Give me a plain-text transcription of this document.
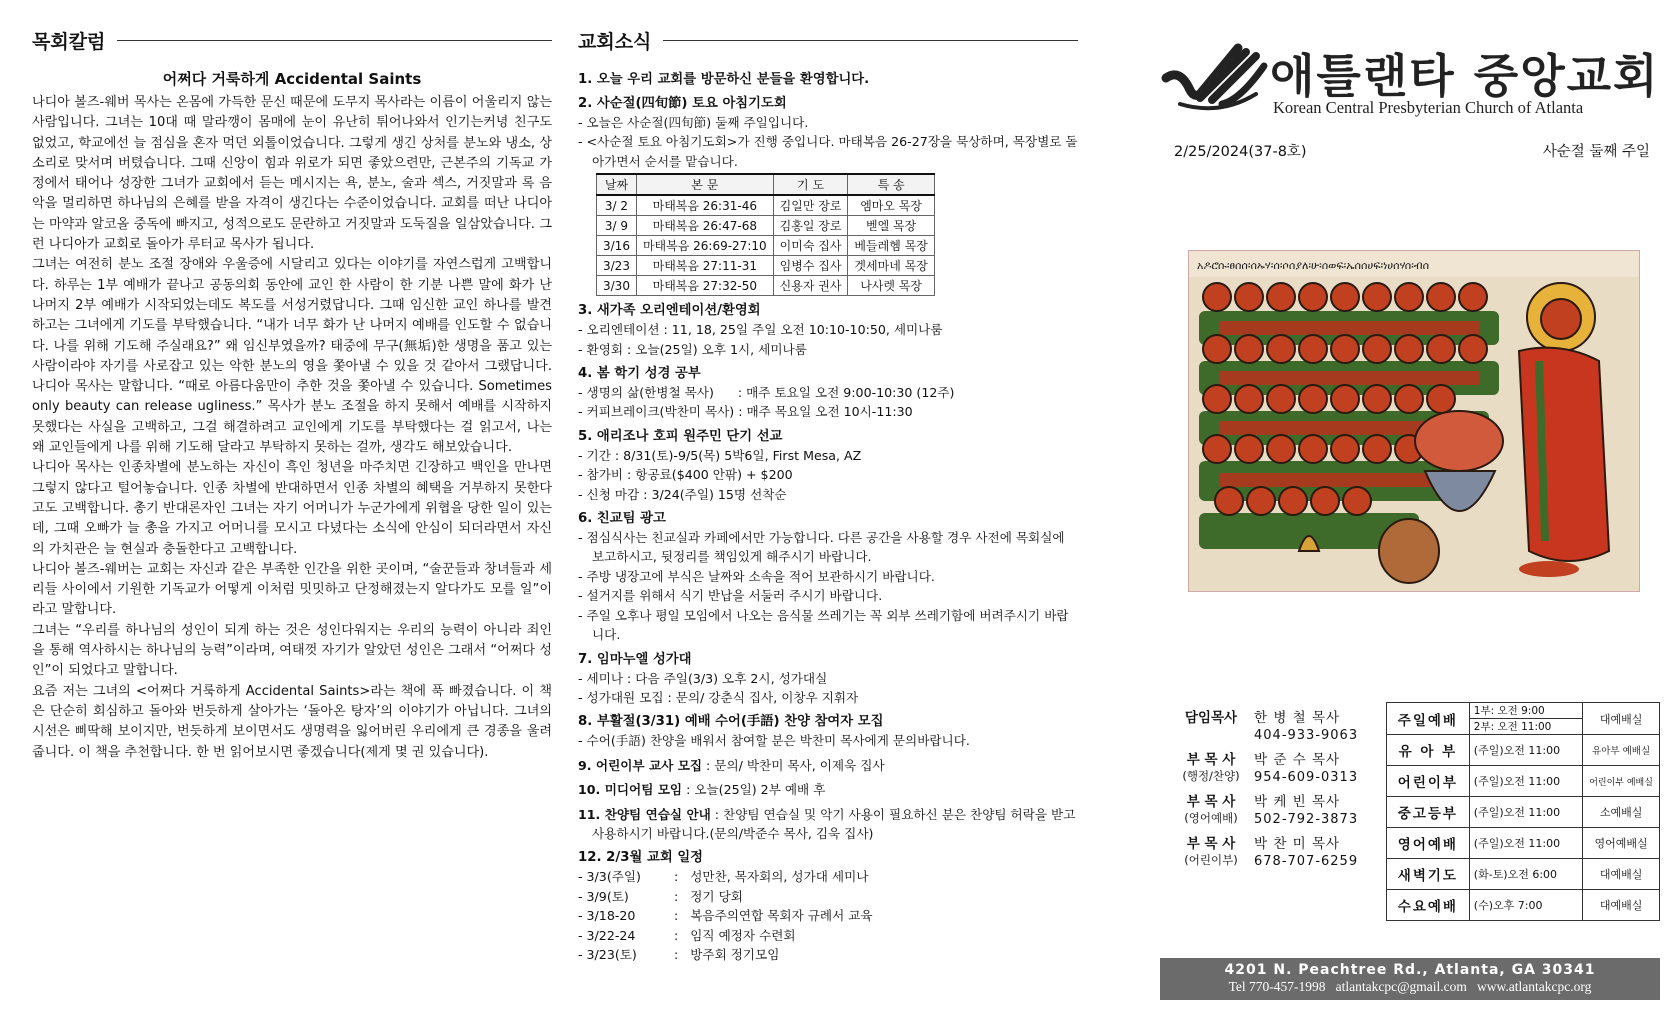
목회칼럼
어쩌다 거룩하게 Accidental Saints

나디아 볼즈-웨버 목사는 온몸에 가득한 문신 때문에 도무지 목사라는 이름이 어울리지 않는 사람입니다. 그녀는 10대 때 말라깽이 몸매에 눈이 유난히 튀어나와서 인기는커녕 친구도 없었고, 학교에선 늘 점심을 혼자 먹던 외톨이었습니다. 그렇게 생긴 상처를 분노와 냉소, 상소리로 맞서며 버텼습니다. 그때 신앙이 힘과 위로가 되면 좋았으련만, 근본주의 기독교 가정에서 태어나 성장한 그녀가 교회에서 듣는 메시지는 욕, 분노, 술과 섹스, 거짓말과 록 음악을 멀리하면 하나님의 은혜를 받을 자격이 생긴다는 수준이었습니다. 교회를 떠난 나디아는 마약과 알코올 중독에 빠지고, 성적으로도 문란하고 거짓말과 도둑질을 일삼았습니다. 그런 나디아가 교회로 돌아가 루터교 목사가 됩니다.

그녀는 여전히 분노 조절 장애와 우울증에 시달리고 있다는 이야기를 자연스럽게 고백합니다. 하루는 1부 예배가 끝나고 공동의회 동안에 교인 한 사람이 한 기분 나쁜 말에 화가 난 나머지 2부 예배가 시작되었는데도 복도를 서성거렸답니다. 그때 임신한 교인 하나를 발견하고는 그녀에게 기도를 부탁했습니다. “내가 너무 화가 난 나머지 예배를 인도할 수 없습니다. 나를 위해 기도해 주실래요?” 왜 임신부였을까? 태중에 무구(無垢)한 생명을 품고 있는 사람이라야 자기를 사로잡고 있는 악한 분노의 영을 쫓아낼 수 있을 것 같아서 그랬답니다. 나디아 목사는 말합니다. “때로 아름다움만이 추한 것을 쫓아낼 수 있습니다. Sometimes only beauty can release ugliness.” 목사가 분노 조절을 하지 못해서 예배를 시작하지 못했다는 사실을 고백하고, 그걸 해결하려고 교인에게 기도를 부탁했다는 걸 읽고서, 나는 왜 교인들에게 나를 위해 기도해 달라고 부탁하지 못하는 걸까, 생각도 해보았습니다.

나디아 목사는 인종차별에 분노하는 자신이 흑인 청년을 마주치면 긴장하고 백인을 만나면 그렇지 않다고 털어놓습니다. 인종 차별에 반대하면서 인종 차별의 혜택을 거부하지 못한다고도 고백합니다. 총기 반대론자인 그녀는 자기 어머니가 누군가에게 위협을 당한 일이 있는데, 그때 오빠가 늘 총을 가지고 어머니를 모시고 다녔다는 소식에 안심이 되더라면서 자신의 가치관은 늘 현실과 충돌한다고 고백합니다.

나디아 볼즈-웨버는 교회는 자신과 같은 부족한 인간을 위한 곳이며, “술꾼들과 창녀들과 세리들 사이에서 기원한 기독교가 어떻게 이처럼 밋밋하고 단정해졌는지 알다가도 모를 일”이라고 말합니다.

그녀는 “우리를 하나님의 성인이 되게 하는 것은 성인다워지는 우리의 능력이 아니라 죄인을 통해 역사하시는 하나님의 능력”이라며, 여태껏 자기가 알았던 성인은 그래서 “어쩌다 성인”이 되었다고 말합니다.

요즘 저는 그녀의 <어쩌다 거룩하게 Accidental Saints>라는 책에 푹 빠졌습니다. 이 책은 단순히 회심하고 돌아와 번듯하게 살아가는 ‘돌아온 탕자’의 이야기가 아닙니다. 그녀의 시선은 삐딱해 보이지만, 번듯하게 보이면서도 생명력을 잃어버린 우리에게 큰 경종을 울려줍니다. 이 책을 추천합니다. 한 번 읽어보시면 좋겠습니다(제게 몇 권 있습니다).

교회소식
1. 오늘 우리 교회를 방문하신 분들을 환영합니다.
2. 사순절(四旬節) 토요 아침기도회
- 오늘은 사순절(四旬節) 둘째 주일입니다.
- <사순절 토요 아침기도회>가 진행 중입니다. 마태복음 26-27장을 묵상하며, 목장별로 돌아가면서 순서를 맡습니다.
날짜	본 문	기 도	특 송
3/ 2	마태복음 26:31-46	김일만 장로	엠마오 목장
3/ 9	마태복음 26:47-68	김홍일 장로	벧엘 목장
3/16	마태복음 26:69-27:10	이미숙 집사	베들레헴 목장
3/23	마태복음 27:11-31	임병수 집사	겟세마네 목장
3/30	마태복음 27:32-50	신용자 권사	나사렛 목장
3. 새가족 오리엔테이션/환영회
- 오리엔테이션 : 11, 18, 25일 주일 오전 10:10-10:50, 세미나룸
- 환영회 : 오늘(25일) 오후 1시, 세미나룸
4. 봄 학기 성경 공부
- 생명의 삶(한병철 목사)      : 매주 토요일 오전 9:00-10:30 (12주)
- 커피브레이크(박찬미 목사) : 매주 목요일 오전 10시-11:30
5. 애리조나 호피 원주민 단기 선교
- 기간 : 8/31(토)-9/5(목) 5박6일, First Mesa, AZ
- 참가비 : 항공료($400 안팎) + $200
- 신청 마감 : 3/24(주일) 15명 선착순
6. 친교팀 광고
- 점심식사는 친교실과 카페에서만 가능합니다. 다른 공간을 사용할 경우 사전에 목회실에 보고하시고, 뒷정리를 책임있게 해주시기 바랍니다.
- 주방 냉장고에 부식은 날짜와 소속을 적어 보관하시기 바랍니다.
- 설거지를 위해서 식기 반납을 서둘러 주시기 바랍니다.
- 주일 오후나 평일 모임에서 나오는 음식물 쓰레기는 꼭 외부 쓰레기함에 버려주시기 바랍니다.
7. 임마누엘 성가대
- 세미나 : 다음 주일(3/3) 오후 2시, 성가대실
- 성가대원 모집 : 문의/ 강춘식 집사, 이창우 지휘자
8. 부활절(3/31) 예배 수어(手語) 찬양 참여자 모집
- 수어(手語) 찬양을 배워서 참여할 분은 박찬미 목사에게 문의바랍니다.
9. 어린이부 교사 모집 : 문의/ 박찬미 목사, 이제욱 집사
10. 미디어팀 모임 : 오늘(25일) 2부 예배 후
11. 찬양팀 연습실 안내 : 찬양팀 연습실 및 악기 사용이 필요하신 분은 찬양팀 허락을 받고 사용하시기 바랍니다.(문의/박준수 목사, 김욱 집사)
12. 2/3월 교회 일정
- 3/3(주일)	:   성만찬, 목자회의, 성가대 세미나
- 3/9(토)	:   정기 당회
- 3/18-20	:   복음주의연합 목회자 규례서 교육
- 3/22-24	:   임직 예정자 수련회
- 3/23(토)	:   방주회 정기모임
애틀랜타 중앙교회
Korean Central Presbyterian Church of Atlanta
2/25/2024(37-8호)	사순절 둘째 주일
አዶሮሱ፡ፀሰሰ፡ሰኡሃ፡ሰ፡ሶሰያለ፡ሁ፡ሰወፍ፡ኤሰሰሀፍ፡ነሀሰሃሰ፡ብሰ
담임목사	한 병 철 목사
404-933-9063
부 목 사
(행정/찬양)
박 준 수 목사
954-609-0313
부 목 사
(영어예배)
박 케 빈 목사
502-792-3873
부 목 사
(어린이부)
박 찬 미 목사
678-707-6259
주일예배	1부: 오전 9:00	대예배실
	2부: 오전 11:00	
유 아 부	(주일)오전 11:00	유아부 예배실
어린이부	(주일)오전 11:00	어린이부 예배실
중고등부	(주일)오전 11:00	소예배실
영어예배	(주일)오전 11:00	영어예배실
새벽기도	(화-토)오전 6:00	대예배실
수요예배	(수)오후 7:00	대예배실
4201 N. Peachtree Rd., Atlanta, GA 30341
Tel 770-457-1998   atlantakcpc@gmail.com   www.atlantakcpc.org
